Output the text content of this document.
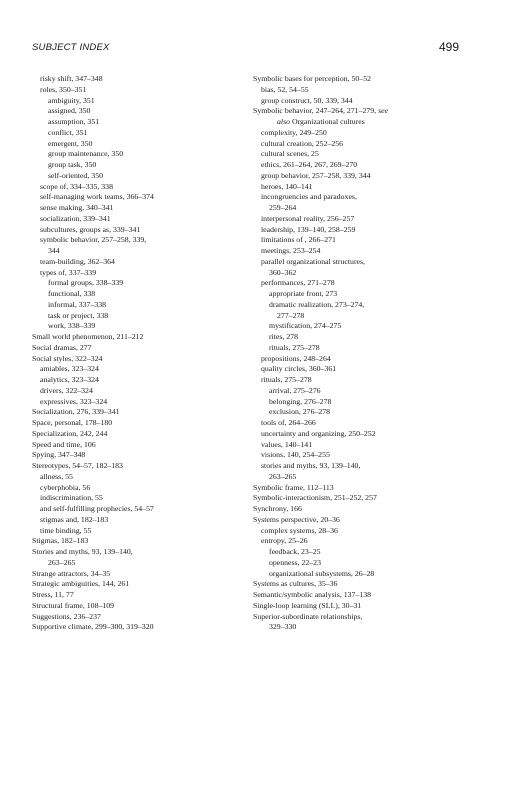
SUBJECT INDEX	499
risky shift, 347–348
roles, 350–351
ambiguity, 351
assigned, 350
assumption, 351
conflict, 351
emergent, 350
group maintenance, 350
group task, 350
self-oriented, 350
scope of, 334–335, 338
self-managing work teams, 366–374
sense making, 340–341
socialization, 339–341
subcultures, groups as, 339–341
symbolic behavior, 257–258, 339,
344
team-building, 362–364
types of, 337–339
formal groups, 338–339
functional, 338
informal, 337–338
task or project, 338
work, 338–339
Small world phenomenon, 211–212
Social dramas, 277
Social styles, 322–324
amiables, 323–324
analytics, 323–324
drivers, 322–324
expressives, 323–324
Socialization, 276, 339–341
Space, personal, 178–180
Specialization, 242, 244
Speed and time, 106
Spying, 347–348
Stereotypes, 54–57, 182–183
allness, 55
cyberphobia, 56
indiscrimination, 55
and self-fulfilling prophecies, 54–57
stigmas and, 182–183
time binding, 55
Stigmas, 182–183
Stories and myths, 93, 139–140,
263–265
Strange attractors, 34–35
Strategic ambiguities, 144, 261
Stress, 11, 77
Structural frame, 108–109
Suggestions, 236–237
Supportive climate, 299–300, 319–320
Symbolic bases for perception, 50–52
bias, 52, 54–55
group construct, 50, 339, 344
Symbolic behavior, 247–264, 271–279, see
also Organizational cultures
complexity, 249–250
cultural creation, 252–256
cultural scenes, 25
ethics, 261–264, 267, 269–270
group behavior, 257–258, 339, 344
heroes, 140–141
incongruencies and paradoxes,
259–264
interpersonal reality, 256–257
leadership, 139–140, 258–259
limitations of , 266–271
meetings, 253–254
parallel organizational structures,
360–362
performances, 271–278
appropriate front, 273
dramatic realization, 273–274,
277–278
mystification, 274–275
rites, 278
rituals, 275–278
propositions, 248–264
quality circles, 360–361
rituals, 275–278
arrival, 275–276
belonging, 276–278
exclusion, 276–278
tools of, 264–266
uncertainty and organizing, 250–252
values, 140–141
visions, 140, 254–255
stories and myths, 93, 139–140,
263–265
Symbolic frame, 112–113
Symbolic-interactionism, 251–252, 257
Synchrony, 166
Systems perspective, 20–36
complex systems, 28–36
entropy, 25–26
feedback, 23–25
openness, 22–23
organizational subsystems, 26–28
Systems as cultures, 35–36
Semantic/symbolic analysis, 137–138
Single-loop learning (SLL), 30–31
Superior-subordinate relationships,
329–330
